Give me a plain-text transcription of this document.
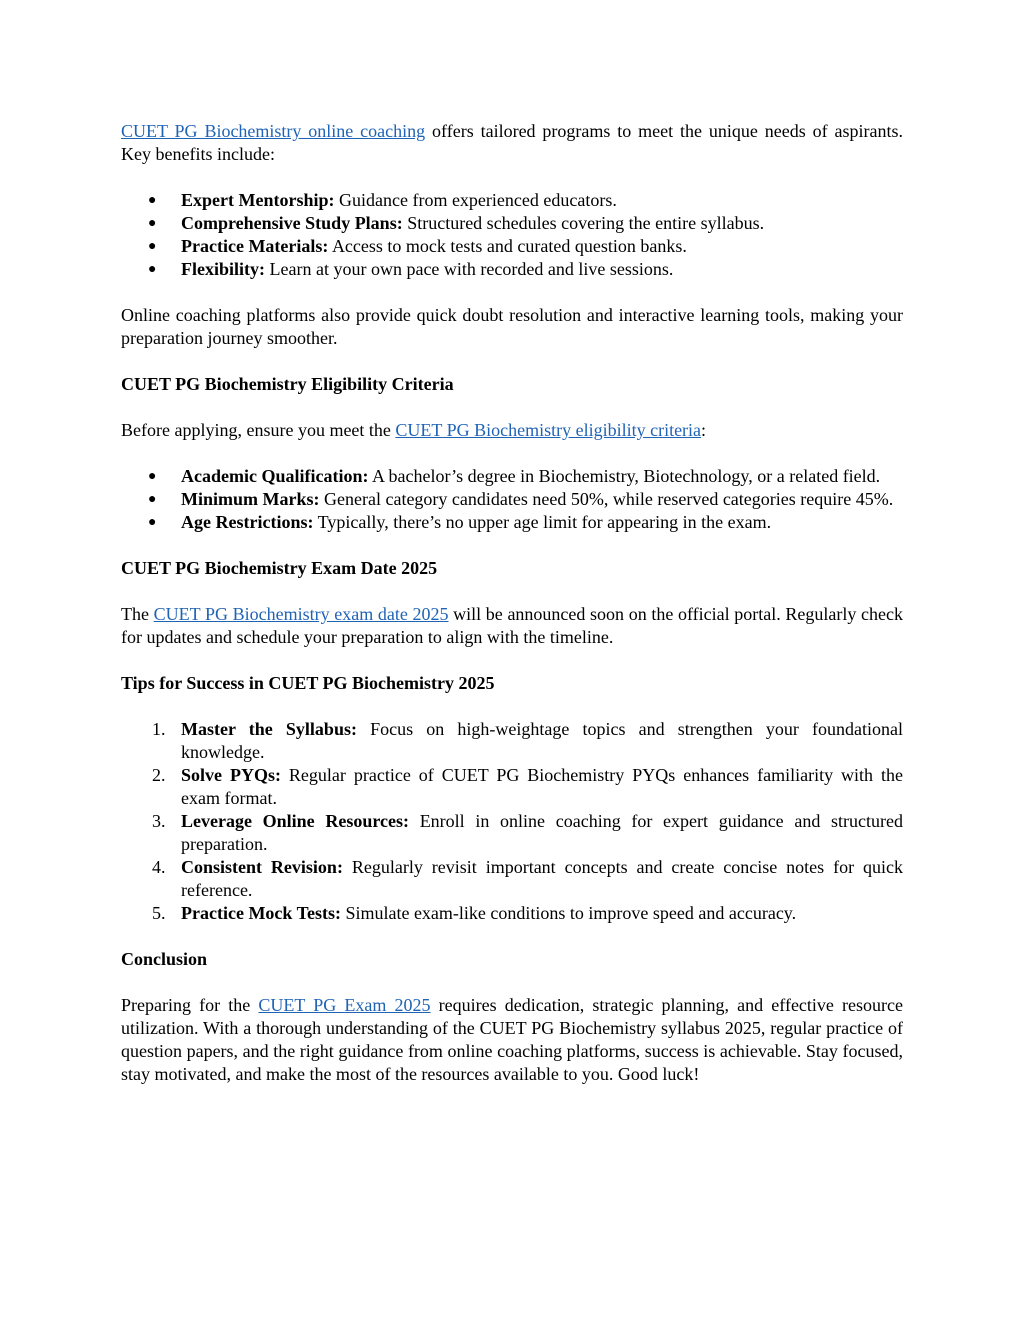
CUET PG Biochemistry online coaching offers tailored programs to meet the unique needs of aspirants. Key benefits include:

● Expert Mentorship: Guidance from experienced educators.
● Comprehensive Study Plans: Structured schedules covering the entire syllabus.
● Practice Materials: Access to mock tests and curated question banks.
● Flexibility: Learn at your own pace with recorded and live sessions.

Online coaching platforms also provide quick doubt resolution and interactive learning tools, making your preparation journey smoother.

CUET PG Biochemistry Eligibility Criteria

Before applying, ensure you meet the CUET PG Biochemistry eligibility criteria:

● Academic Qualification: A bachelor’s degree in Biochemistry, Biotechnology, or a related field.
● Minimum Marks: General category candidates need 50%, while reserved categories require 45%.
● Age Restrictions: Typically, there’s no upper age limit for appearing in the exam.
CUET PG Biochemistry Exam Date 2025

The CUET PG Biochemistry exam date 2025 will be announced soon on the official portal. Regularly check for updates and schedule your preparation to align with the timeline.

Tips for Success in CUET PG Biochemistry 2025
1. Master the Syllabus: Focus on high-weightage topics and strengthen your foundational knowledge.
2. Solve PYQs: Regular practice of CUET PG Biochemistry PYQs enhances familiarity with the exam format.
3. Leverage Online Resources: Enroll in online coaching for expert guidance and structured preparation.
4. Consistent Revision: Regularly revisit important concepts and create concise notes for quick reference.
5. Practice Mock Tests: Simulate exam-like conditions to improve speed and accuracy.
Conclusion

Preparing for the CUET PG Exam 2025 requires dedication, strategic planning, and effective resource utilization. With a thorough understanding of the CUET PG Biochemistry syllabus 2025, regular practice of question papers, and the right guidance from online coaching platforms, success is achievable. Stay focused, stay motivated, and make the most of the resources available to you. Good luck!
